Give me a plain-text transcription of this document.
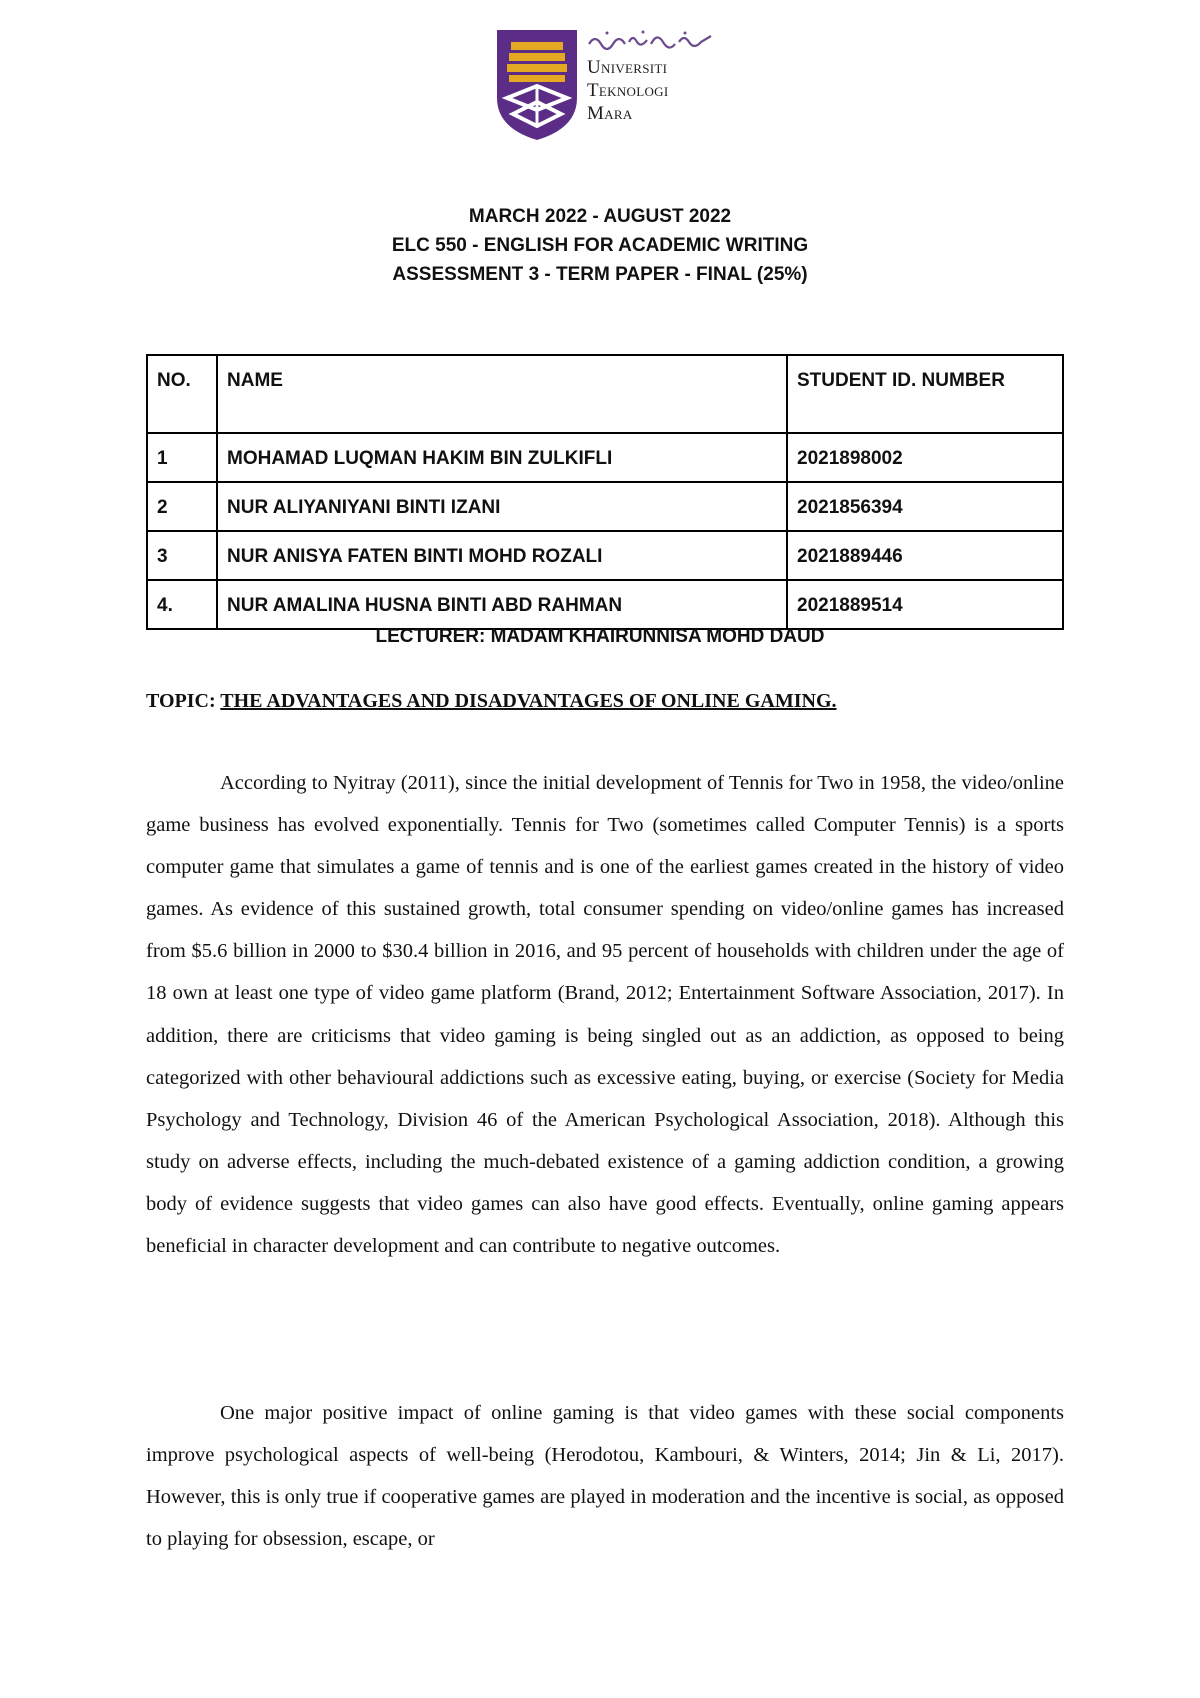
Universiti
Teknologi
Mara
MARCH 2022 - AUGUST 2022
ELC 550 - ENGLISH FOR ACADEMIC WRITING
ASSESSMENT 3 - TERM PAPER - FINAL (25%)
NO.	NAME	STUDENT ID. NUMBER
1	MOHAMAD LUQMAN HAKIM BIN ZULKIFLI	2021898002
2	NUR ALIYANIYANI BINTI IZANI	2021856394
3	NUR ANISYA FATEN BINTI MOHD ROZALI	2021889446
4.	NUR AMALINA HUSNA BINTI ABD RAHMAN	2021889514
LECTURER: MADAM KHAIRUNNISA MOHD DAUD
TOPIC: THE ADVANTAGES AND DISADVANTAGES OF ONLINE GAMING.

According to Nyitray (2011), since the initial development of Tennis for Two in 1958, the video/online game business has evolved exponentially. Tennis for Two (sometimes called Computer Tennis) is a sports computer game that simulates a game of tennis and is one of the earliest games created in the history of video games. As evidence of this sustained growth, total consumer spending on video/online games has increased from $5.6 billion in 2000 to $30.4 billion in 2016, and 95 percent of households with children under the age of 18 own at least one type of video game platform (Brand, 2012; Entertainment Software Association, 2017). In addition, there are criticisms that video gaming is being singled out as an addiction, as opposed to being categorized with other behavioural addictions such as excessive eating, buying, or exercise (Society for Media Psychology and Technology, Division 46 of the American Psychological Association, 2018). Although this study on adverse effects, including the much-debated existence of a gaming addiction condition, a growing body of evidence suggests that video games can also have good effects. Eventually, online gaming appears beneficial in character development and can contribute to negative outcomes.

One major positive impact of online gaming is that video games with these social components improve psychological aspects of well-being (Herodotou, Kambouri, & Winters, 2014; Jin & Li, 2017). However, this is only true if cooperative games are played in moderation and the incentive is social, as opposed to playing for obsession, escape, or
